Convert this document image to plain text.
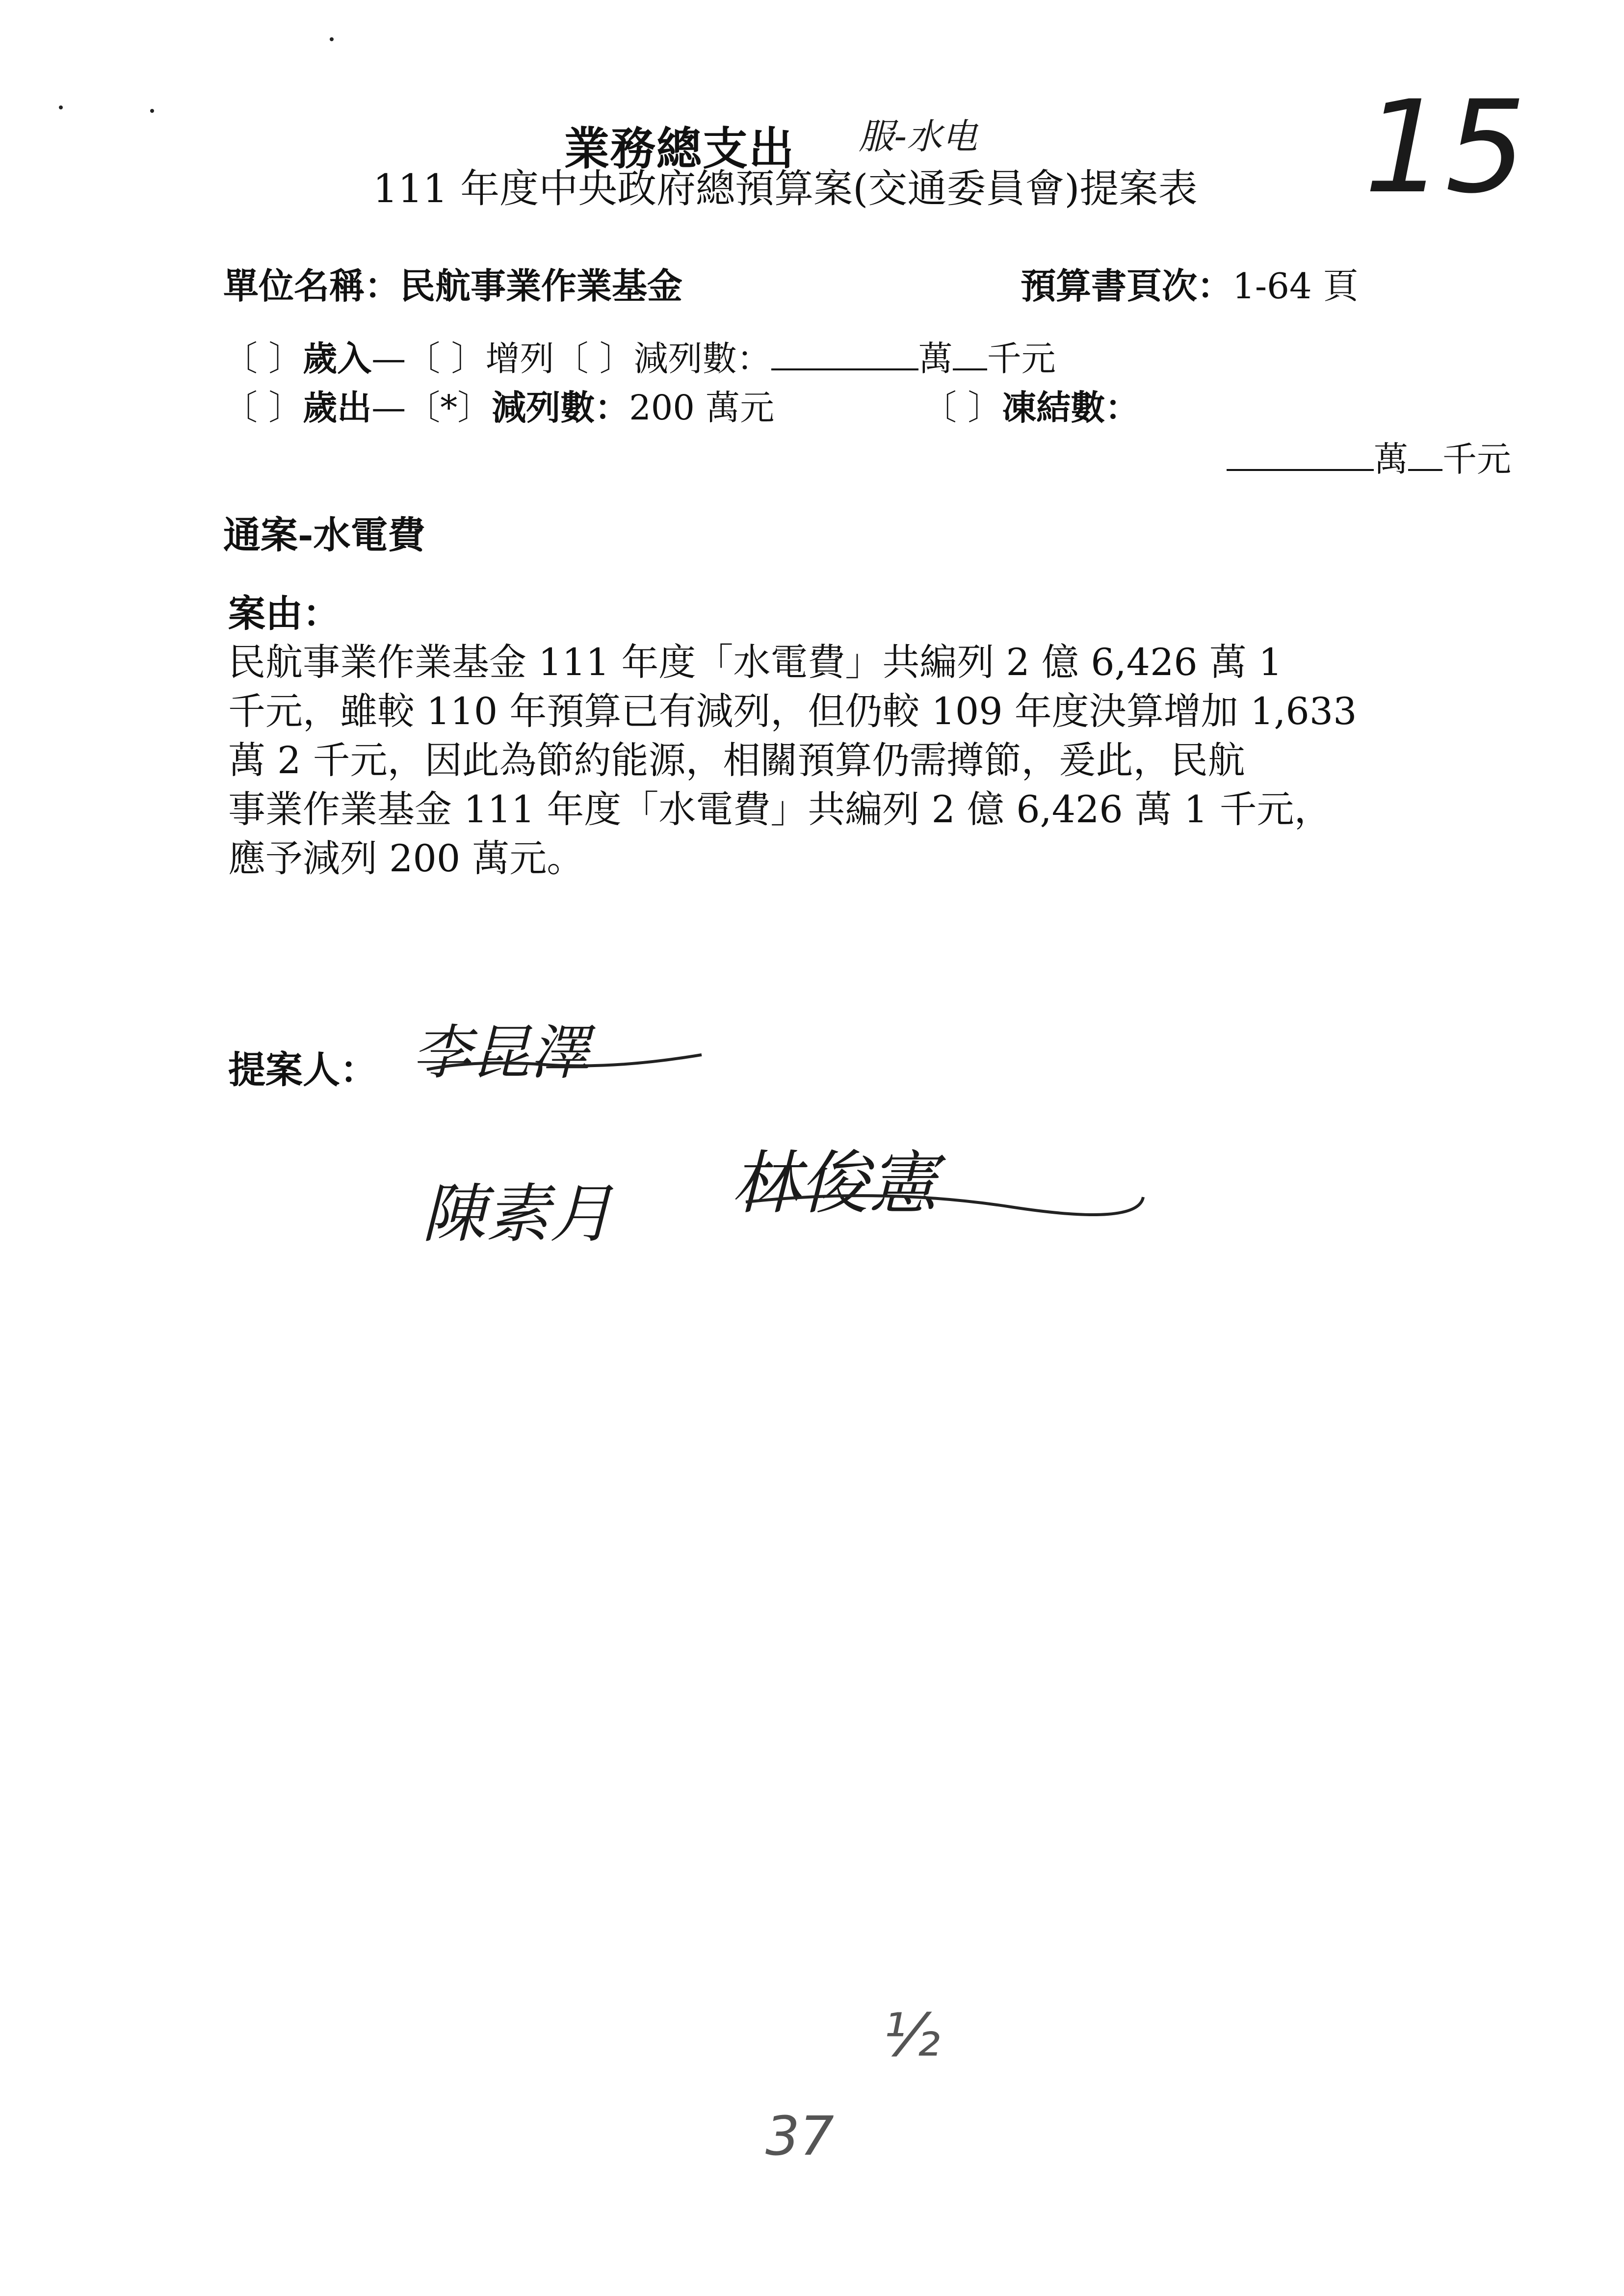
業務總支出 服-水电
111 年度中央政府總預算案(交通委員會)提案表 15
單位名稱：民航事業作業基金	預算書頁次：1-64 頁
〔 〕歲入—〔 〕增列〔 〕減列數：	萬 千元
〔 〕歲出—〔*〕減列數：200 萬元	〔 〕凍結數：
萬 千元
通案-水電費
案由：
民航事業作業基金 111 年度「水電費」共編列 2 億 6,426 萬 1
千元，雖較 110 年預算已有減列，但仍較 109 年度決算增加 1,633
萬 2 千元，因此為節約能源，相關預算仍需撙節，爰此，民航
事業作業基金 111 年度「水電費」共編列 2 億 6,426 萬 1 千元，
應予減列 200 萬元。
提案人： 李昆澤
陳素月 林俊憲
½
37
